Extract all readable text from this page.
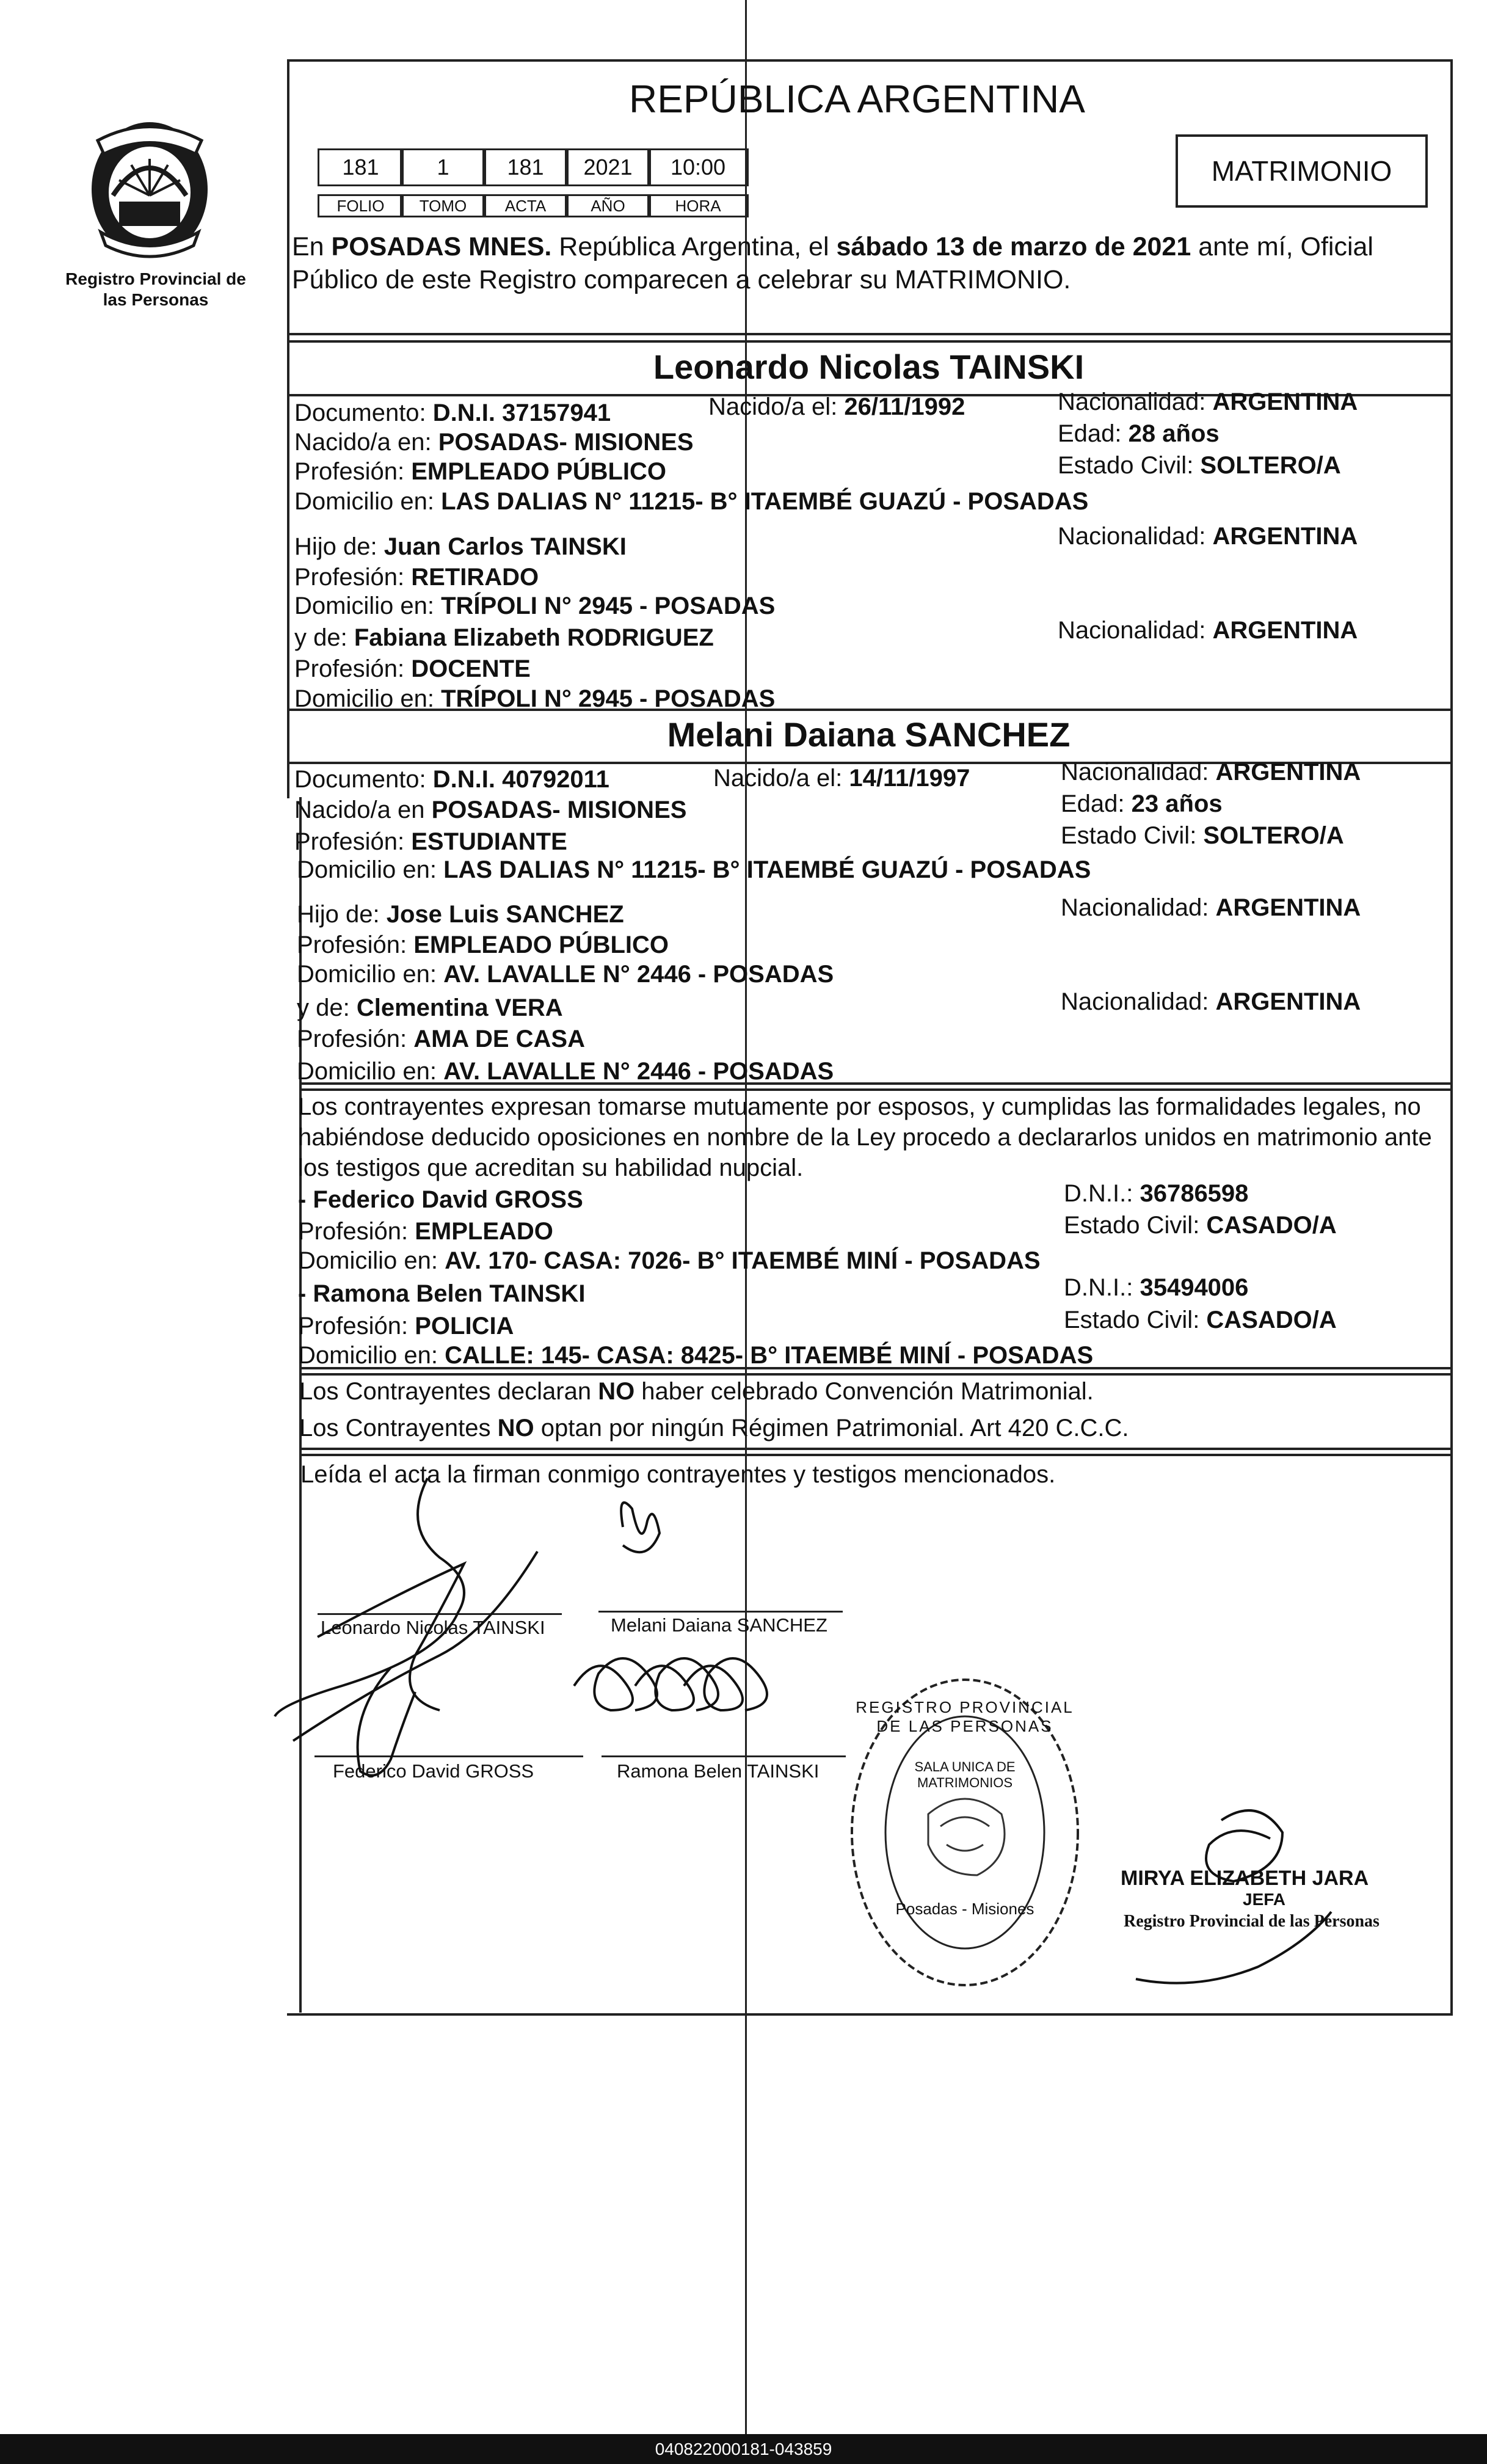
Registro Provincial de las Personas
REPÚBLICA ARGENTINA
MATRIMONIO
181	1	181	2021	10:00
FOLIO	TOMO	ACTA	AÑO	HORA
En POSADAS MNES. República Argentina, el sábado 13 de marzo de 2021 ante mí, Oficial
Público de este Registro comparecen a celebrar su MATRIMONIO.
Leonardo Nicolas TAINSKI
Documento: D.N.I. 37157941	Nacido/a el: 26/11/1992	Nacionalidad: ARGENTINA
Nacido/a en: POSADAS- MISIONES	Edad: 28 años
Profesión: EMPLEADO PÚBLICO	Estado Civil: SOLTERO/A
Domicilio en: LAS DALIAS N° 11215- B° ITAEMBÉ GUAZÚ - POSADAS
Hijo de: Juan Carlos TAINSKI	Nacionalidad: ARGENTINA
Profesión: RETIRADO
Domicilio en: TRÍPOLI N° 2945 - POSADAS
y de: Fabiana Elizabeth RODRIGUEZ	Nacionalidad: ARGENTINA
Profesión: DOCENTE
Domicilio en: TRÍPOLI N° 2945 - POSADAS
Melani Daiana SANCHEZ
Documento: D.N.I. 40792011	Nacido/a el: 14/11/1997	Nacionalidad: ARGENTINA
Nacido/a en POSADAS- MISIONES	Edad: 23 años
Profesión: ESTUDIANTE	Estado Civil: SOLTERO/A
Domicilio en: LAS DALIAS N° 11215- B° ITAEMBÉ GUAZÚ - POSADAS
Hijo de: Jose Luis SANCHEZ	Nacionalidad: ARGENTINA
Profesión: EMPLEADO PÚBLICO
Domicilio en: AV. LAVALLE N° 2446 - POSADAS
y de: Clementina VERA	Nacionalidad: ARGENTINA
Profesión: AMA DE CASA
Domicilio en: AV. LAVALLE N° 2446 - POSADAS
Los contrayentes expresan tomarse mutuamente por esposos, y cumplidas las formalidades legales, no
habiéndose deducido oposiciones en nombre de la Ley procedo a declararlos unidos en matrimonio ante
los testigos que acreditan su habilidad nupcial.
- Federico David GROSS	D.N.I.: 36786598
Profesión: EMPLEADO	Estado Civil: CASADO/A
Domicilio en: AV. 170- CASA: 7026- B° ITAEMBÉ MINÍ - POSADAS
- Ramona Belen TAINSKI	D.N.I.: 35494006
Profesión: POLICIA	Estado Civil: CASADO/A
Domicilio en: CALLE: 145- CASA: 8425- B° ITAEMBÉ MINÍ - POSADAS
Los Contrayentes declaran NO haber celebrado Convención Matrimonial.
Los Contrayentes NO optan por ningún Régimen Patrimonial. Art 420 C.C.C.
Leída el acta la firman conmigo contrayentes y testigos mencionados.
Leonardo Nicolas TAINSKI	Melani Daiana SANCHEZ
Federico David GROSS	Ramona Belen TAINSKI
REGISTRO PROVINCIAL DE LAS PERSONAS
SALA UNICA DE MATRIMONIOS
Posadas - Misiones
MIRYA ELIZABETH JARA
JEFA
Registro Provincial de las Personas
040822000181-043859
